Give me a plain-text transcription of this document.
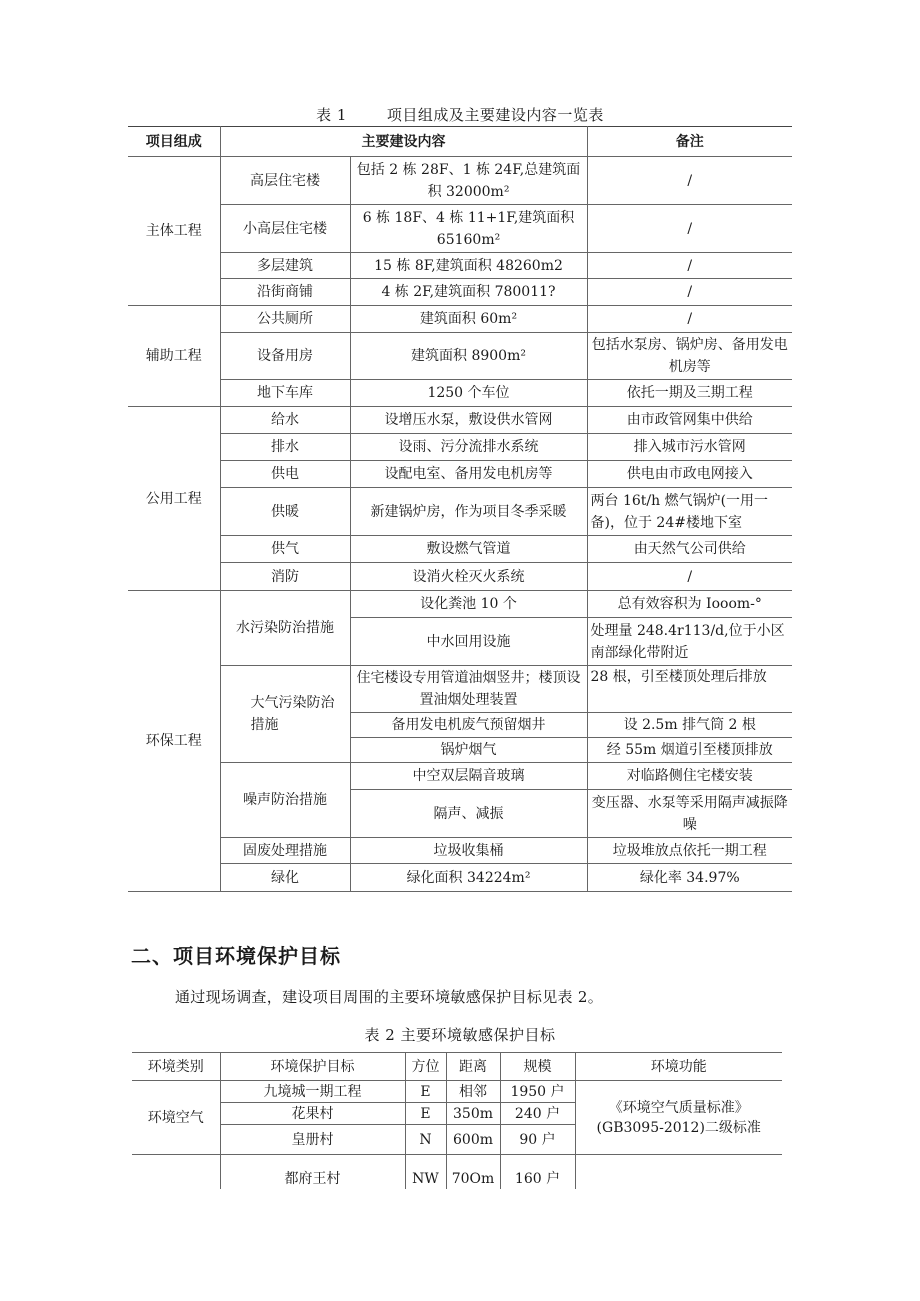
表 1	项目组成及主要建设内容一览表
项目组成	主要建设内容		备注
主体工程	高层住宅楼	包括 2 栋 28F、1 栋 24F,总建筑面积 32000m²	/
	小高层住宅楼	6 栋 18F、4 栋 11+1F,建筑面积 65160m²	/
	多层建筑	15 栋 8F,建筑面积 48260m2	/
	沿街商铺	4 栋 2F,建筑面积 780011?	/
辅助工程	公共厕所	建筑面积 60m²	/
	设备用房	建筑面积 8900m²	包括水泵房、锅炉房、备用发电机房等
	地下车库	1250 个车位	依托一期及三期工程
公用工程	给水	设增压水泵，敷设供水管网	由市政管网集中供给
	排水	设雨、污分流排水系统	排入城市污水管网
	供电	设配电室、备用发电机房等	供电由市政电网接入
	供暖	新建锅炉房，作为项目冬季采暖	两台 16t/h 燃气锅炉(一用一备)，位于 24#楼地下室
	供气	敷设燃气管道	由天然气公司供给
	消防	设消火栓灭火系统	/
环保工程	水污染防治措施	设化粪池 10 个	总有效容积为 Iooom-°
		中水回用设施	处理量 248.4r113/d,位于小区南部绿化带附近
	大气污染防治措施	住宅楼设专用管道油烟竖井；楼顶设置油烟处理装置	28 根，引至楼顶处理后排放
		备用发电机废气预留烟井	设 2.5m 排气筒 2 根
		锅炉烟气	经 55m 烟道引至楼顶排放
	噪声防治措施	中空双层隔音玻璃	对临路侧住宅楼安装
		隔声、减振	变压器、水泵等采用隔声减振降噪
	固废处理措施	垃圾收集桶	垃圾堆放点依托一期工程
	绿化	绿化面积 34224m²	绿化率 34.97%
二、项目环境保护目标
通过现场调查，建设项目周围的主要环境敏感保护目标见表 2。
表 2 主要环境敏感保护目标
环境类别	环境保护目标	方位	距离	规模	环境功能
环境空气	九境城一期工程	E	相邻	1950 户	《环境空气质量标准》
(GB3095-2012)二级标准

	花果村	E	350m	240 户	
	皇册村	N	600m	90 户	
	都府王村	NW	70Om	160 户	
